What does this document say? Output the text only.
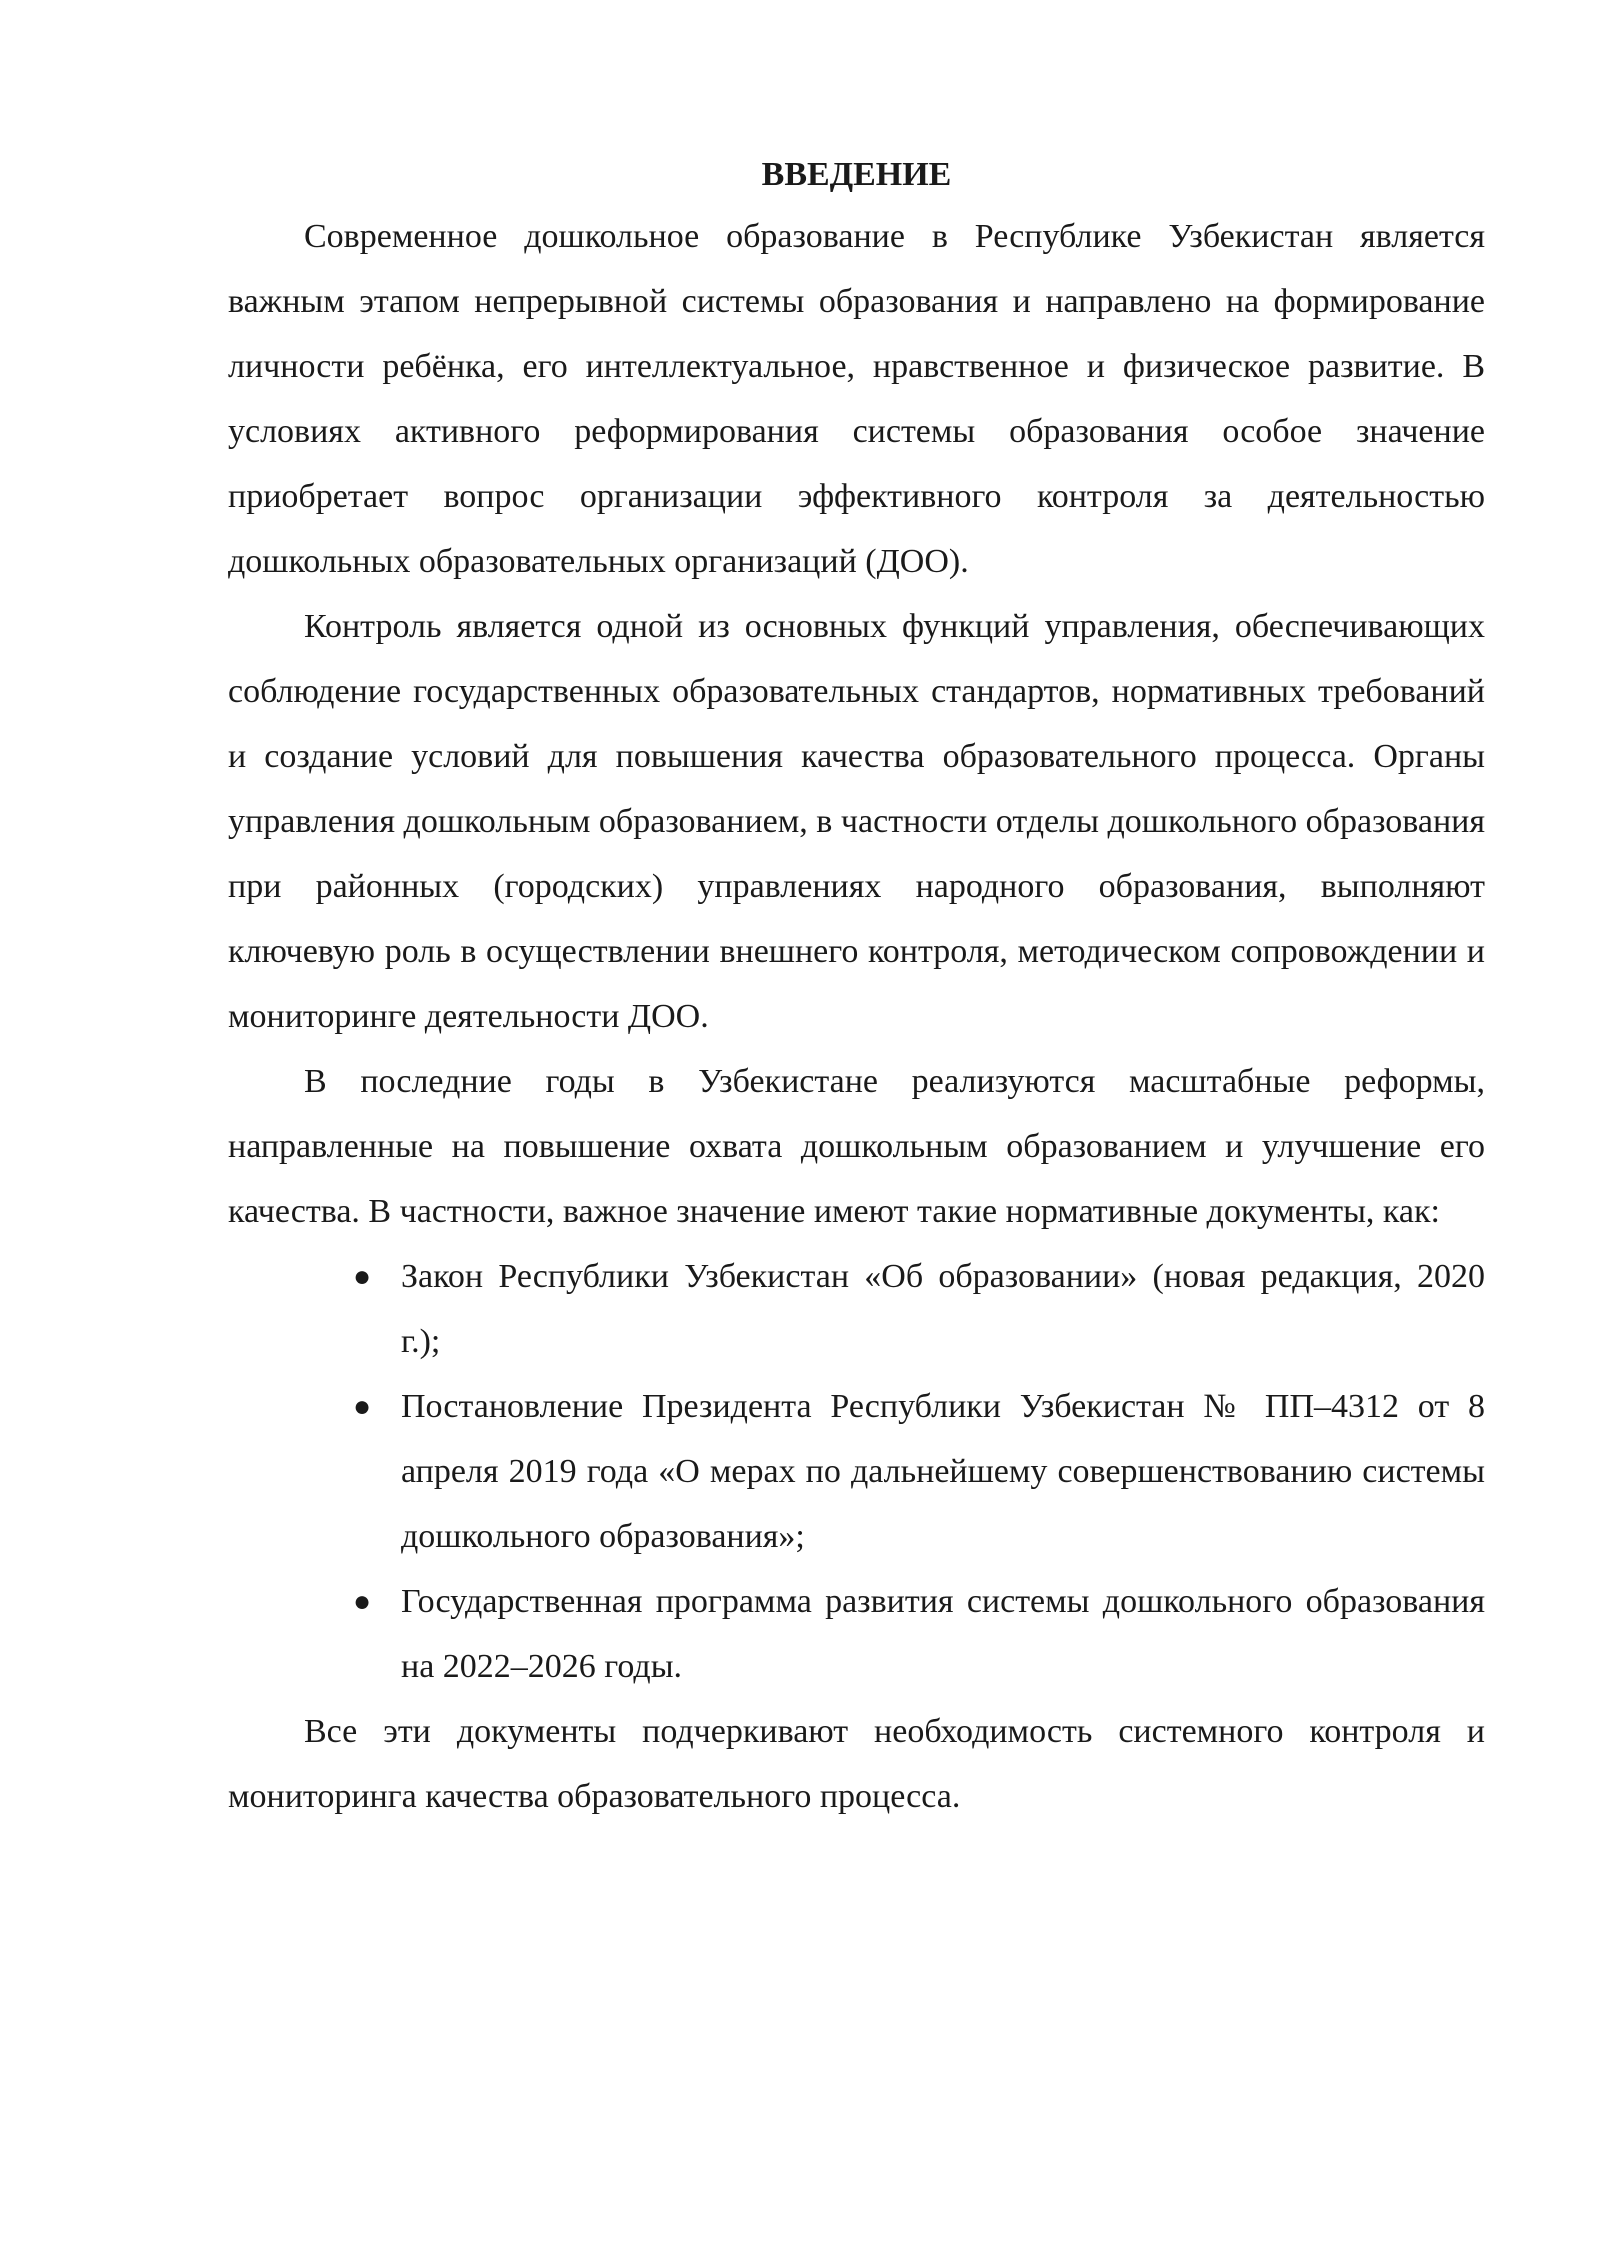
ВВЕДЕНИЕ

Современное дошкольное образование в Республике Узбекистан является важным этапом непрерывной системы образования и направлено на формирование личности ребёнка, его интеллектуальное, нравственное и физическое развитие. В условиях активного реформирования системы образования особое значение приобретает вопрос организации эффективного контроля за деятельностью дошкольных образовательных организаций (ДОО).

Контроль является одной из основных функций управления, обеспечивающих соблюдение государственных образовательных стандартов, нормативных требований и создание условий для повышения качества образовательного процесса. Органы управления дошкольным образованием, в частности отделы дошкольного образования при районных (городских) управлениях народного образования, выполняют ключевую роль в осуществлении внешнего контроля, методическом сопровождении и мониторинге деятельности ДОО.

В последние годы в Узбекистане реализуются масштабные реформы, направленные на повышение охвата дошкольным образованием и улучшение его качества. В частности, важное значение имеют такие нормативные документы, как:

● Закон Республики Узбекистан «Об образовании» (новая редакция, 2020 г.);
● Постановление Президента Республики Узбекистан № ПП–4312 от 8 апреля 2019 года «О мерах по дальнейшему совершенствованию системы дошкольного образования»;
● Государственная программа развития системы дошкольного образования на 2022–2026 годы.

Все эти документы подчеркивают необходимость системного контроля и мониторинга качества образовательного процесса.
